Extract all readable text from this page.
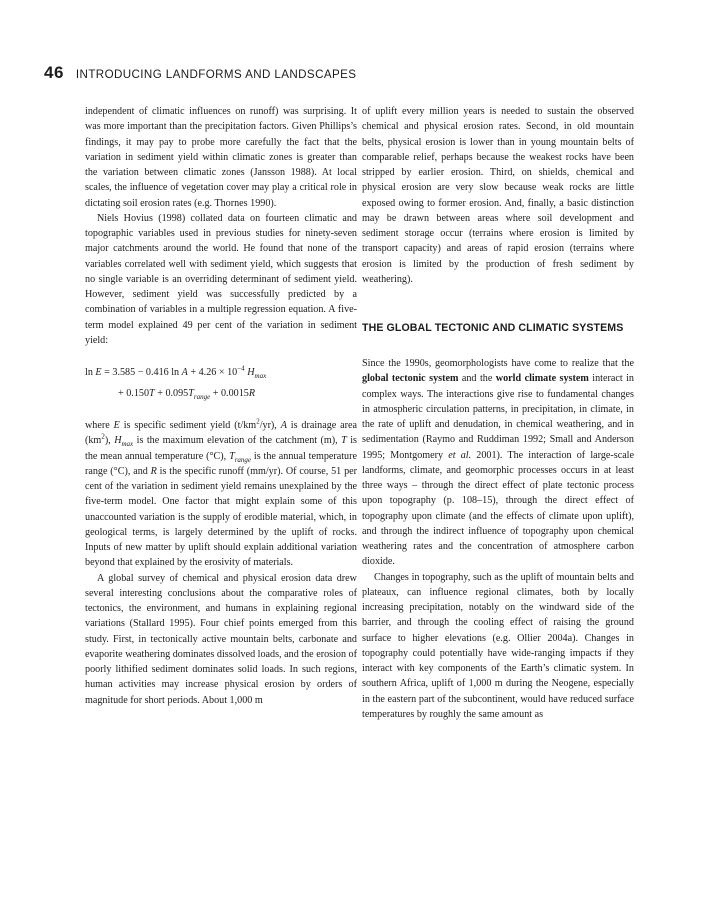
46 INTRODUCING LANDFORMS AND LANDSCAPES

independent of climatic influences on runoff) was surprising. It was more important than the precipitation factors. Given Phillips’s findings, it may pay to probe more carefully the fact that the variation in sediment yield within climatic zones is greater than the variation between climatic zones (Jansson 1988). At local scales, the influence of vegetation cover may play a critical role in dictating soil erosion rates (e.g. Thornes 1990).

Niels Hovius (1998) collated data on fourteen climatic and topographic variables used in previous studies for ninety-seven major catchments around the world. He found that none of the variables correlated well with sediment yield, which suggests that no single variable is an overriding determinant of sediment yield. However, sediment yield was successfully predicted by a combination of variables in a multiple regression equation. A five-term model explained 49 per cent of the variation in sediment yield:

ln E = 3.585 − 0.416 $\ln A + 4.26 \times 10^{-4}$ $H_{max}$
+ $0.150T + 0.095T_{range} + 0.0015R$

where E is specific sediment yield $(t/km^2/yr)$, A is drainage area $(km^2)$, $H_{max}$ is the maximum elevation of the catchment (m), T is the mean annual temperature (°C), $T_{range}$ is the annual temperature range (°C), and R is the specific runoff (mm/yr). Of course, 51 per cent of the variation in sediment yield remains unexplained by the five-term model. One factor that might explain some of this unaccounted variation is the supply of erodible material, which, in geological terms, is largely determined by the uplift of rocks. Inputs of new matter by uplift should explain additional variation beyond that explained by the erosivity of materials.

A global survey of chemical and physical erosion data drew several interesting conclusions about the comparative roles of tectonics, the environment, and humans in explaining regional variations (Stallard 1995). Four chief points emerged from this study. First, in tectonically active mountain belts, carbonate and evaporite weathering dominates dissolved loads, and the erosion of poorly lithified sediment dominates solid loads. In such regions, human activities may increase physical erosion by orders of magnitude for short periods. About 1,000 m

of uplift every million years is needed to sustain the observed chemical and physical erosion rates. Second, in old mountain belts, physical erosion is lower than in young mountain belts of comparable relief, perhaps because the weakest rocks have been stripped by earlier erosion. Third, on shields, chemical and physical erosion are very slow because weak rocks are little exposed owing to former erosion. And, finally, a basic distinction may be drawn between areas where soil development and sediment storage occur (terrains where erosion is limited by transport capacity) and areas of rapid erosion (terrains where erosion is limited by the production of fresh sediment by weathering).

THE GLOBAL TECTONIC AND CLIMATIC SYSTEMS

Since the 1990s, geomorphologists have come to realize that the global tectonic system and the world climate system interact in complex ways. The interactions give rise to fundamental changes in atmospheric circulation patterns, in precipitation, in climate, in the rate of uplift and denudation, in chemical weathering, and in sedimentation (Raymo and Ruddiman 1992; Small and Anderson 1995; Montgomery et al. 2001). The interaction of large-scale landforms, climate, and geomorphic processes occurs in at least three ways – through the direct effect of plate tectonic process upon topography (p. 108–15), through the direct effect of topography upon climate (and the effects of climate upon uplift), and through the indirect influence of topography upon chemical weathering rates and the concentration of atmosphere carbon dioxide.

Changes in topography, such as the uplift of mountain belts and plateaux, can influence regional climates, both by locally increasing precipitation, notably on the windward side of the barrier, and through the cooling effect of raising the ground surface to higher elevations (e.g. Ollier 2004a). Changes in topography could potentially have wide-ranging impacts if they interact with key components of the Earth’s climatic system. In southern Africa, uplift of 1,000 m during the Neogene, especially in the eastern part of the subcontinent, would have reduced surface temperatures by roughly the same amount as
